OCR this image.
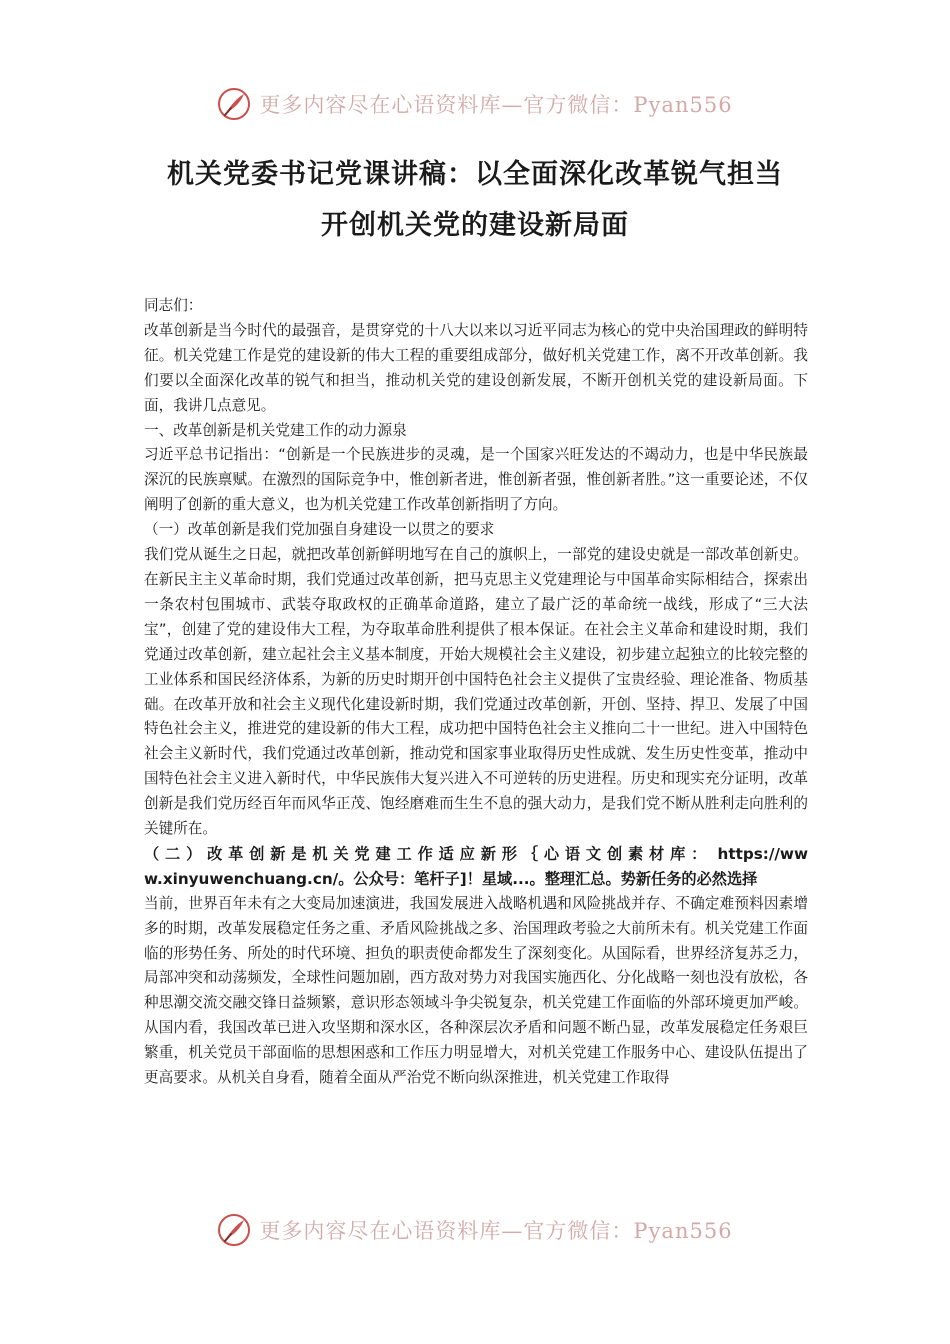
更多内容尽在心语资料库—官方微信：Pyan556
机关党委书记党课讲稿：以全面深化改革锐气担当
开创机关党的建设新局面

同志们：

改革创新是当今时代的最强音，是贯穿党的十八大以来以习近平同志为核心的党中央治国理政的鲜明特征。机关党建工作是党的建设新的伟大工程的重要组成部分，做好机关党建工作，离不开改革创新。我们要以全面深化改革的锐气和担当，推动机关党的建设创新发展，不断开创机关党的建设新局面。下面，我讲几点意见。

一、改革创新是机关党建工作的动力源泉

习近平总书记指出：“创新是一个民族进步的灵魂，是一个国家兴旺发达的不竭动力，也是中华民族最深沉的民族禀赋。在激烈的国际竞争中，惟创新者进，惟创新者强，惟创新者胜。”这一重要论述，不仅阐明了创新的重大意义，也为机关党建工作改革创新指明了方向。

（一）改革创新是我们党加强自身建设一以贯之的要求

我们党从诞生之日起，就把改革创新鲜明地写在自己的旗帜上，一部党的建设史就是一部改革创新史。在新民主主义革命时期，我们党通过改革创新，把马克思主义党建理论与中国革命实际相结合，探索出一条农村包围城市、武装夺取政权的正确革命道路，建立了最广泛的革命统一战线，形成了“三大法宝”，创建了党的建设伟大工程，为夺取革命胜利提供了根本保证。在社会主义革命和建设时期，我们党通过改革创新，建立起社会主义基本制度，开始大规模社会主义建设，初步建立起独立的比较完整的工业体系和国民经济体系，为新的历史时期开创中国特色社会主义提供了宝贵经验、理论准备、物质基础。在改革开放和社会主义现代化建设新时期，我们党通过改革创新，开创、坚持、捍卫、发展了中国特色社会主义，推进党的建设新的伟大工程，成功把中国特色社会主义推向二十一世纪。进入中国特色社会主义新时代，我们党通过改革创新，推动党和国家事业取得历史性成就、发生历史性变革，推动中国特色社会主义进入新时代，中华民族伟大复兴进入不可逆转的历史进程。历史和现实充分证明，改革创新是我们党历经百年而风华正茂、饱经磨难而生生不息的强大动力，是我们党不断从胜利走向胜利的关键所在。

（二）改革创新是机关党建工作适应新形｛心语文创素材库： https://www.xinyuwenchuang.cn/。公众号：笔杆子]！星域...。整理汇总。势新任务的必然选择

当前，世界百年未有之大变局加速演进，我国发展进入战略机遇和风险挑战并存、不确定难预料因素增多的时期，改革发展稳定任务之重、矛盾风险挑战之多、治国理政考验之大前所未有。机关党建工作面临的形势任务、所处的时代环境、担负的职责使命都发生了深刻变化。从国际看，世界经济复苏乏力，局部冲突和动荡频发，全球性问题加剧，西方敌对势力对我国实施西化、分化战略一刻也没有放松，各种思潮交流交融交锋日益频繁，意识形态领域斗争尖锐复杂，机关党建工作面临的外部环境更加严峻。从国内看，我国改革已进入攻坚期和深水区，各种深层次矛盾和问题不断凸显，改革发展稳定任务艰巨繁重，机关党员干部面临的思想困惑和工作压力明显增大，对机关党建工作服务中心、建设队伍提出了更高要求。从机关自身看，随着全面从严治党不断向纵深推进，机关党建工作取得

更多内容尽在心语资料库—官方微信：Pyan556
